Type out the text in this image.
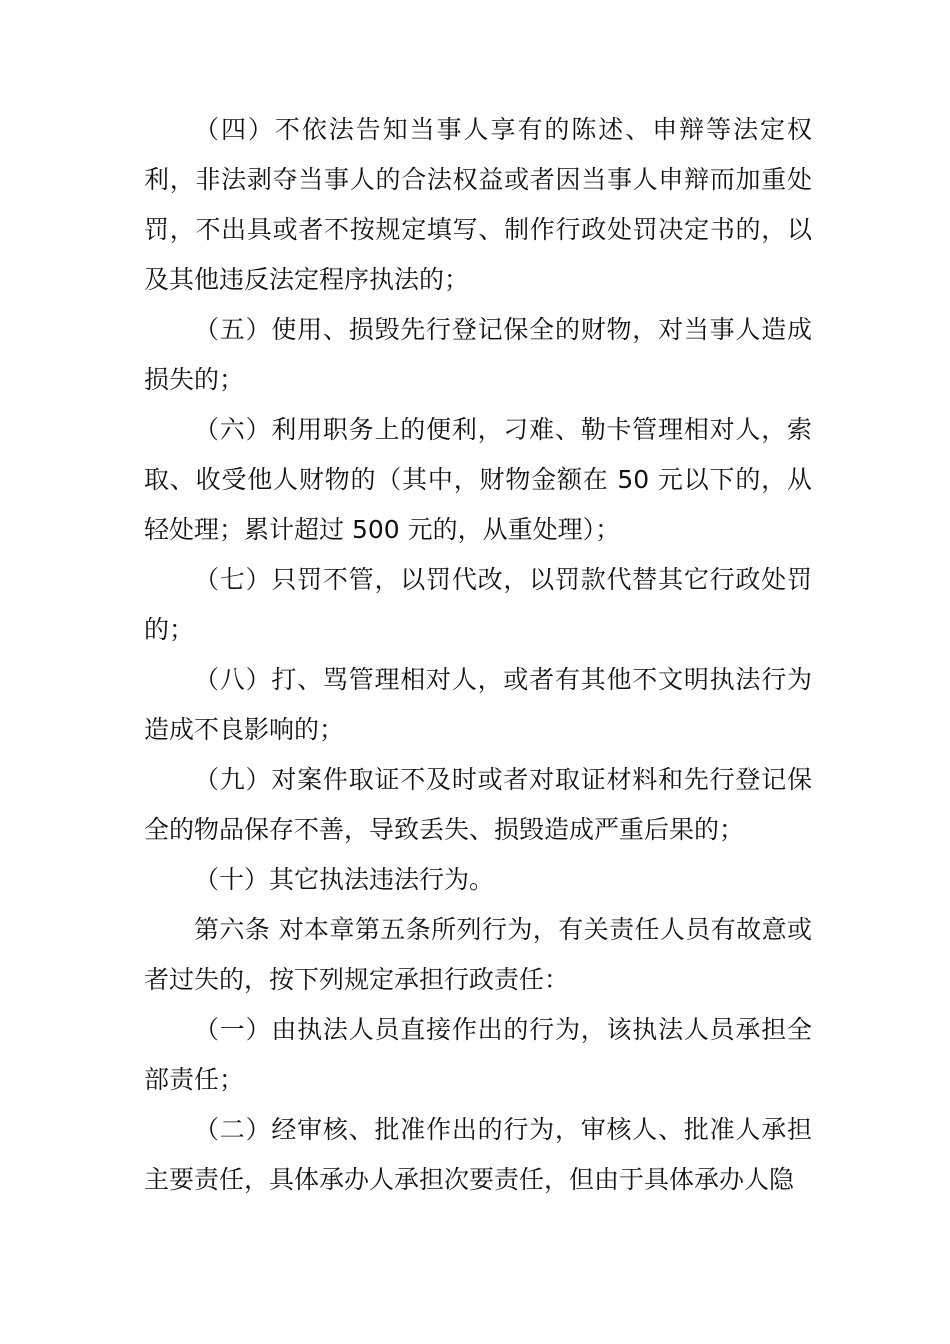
（四）不依法告知当事人享有的陈述、申辩等法定权利，非法剥夺当事人的合法权益或者因当事人申辩而加重处罚，不出具或者不按规定填写、制作行政处罚决定书的，以及其他违反法定程序执法的；

（五）使用、损毁先行登记保全的财物，对当事人造成损失的；

（六）利用职务上的便利，刁难、勒卡管理相对人，索取、收受他人财物的（其中，财物金额在 50 元以下的，从轻处理；累计超过 500 元的，从重处理）；

（七）只罚不管，以罚代改，以罚款代替其它行政处罚的；

（八）打、骂管理相对人，或者有其他不文明执法行为造成不良影响的；

（九）对案件取证不及时或者对取证材料和先行登记保全的物品保存不善，导致丢失、损毁造成严重后果的；

（十）其它执法违法行为。

第六条 对本章第五条所列行为，有关责任人员有故意或者过失的，按下列规定承担行政责任：

（一）由执法人员直接作出的行为，该执法人员承担全部责任；

（二）经审核、批准作出的行为，审核人、批准人承担主要责任，具体承办人承担次要责任，但由于具体承办人隐
